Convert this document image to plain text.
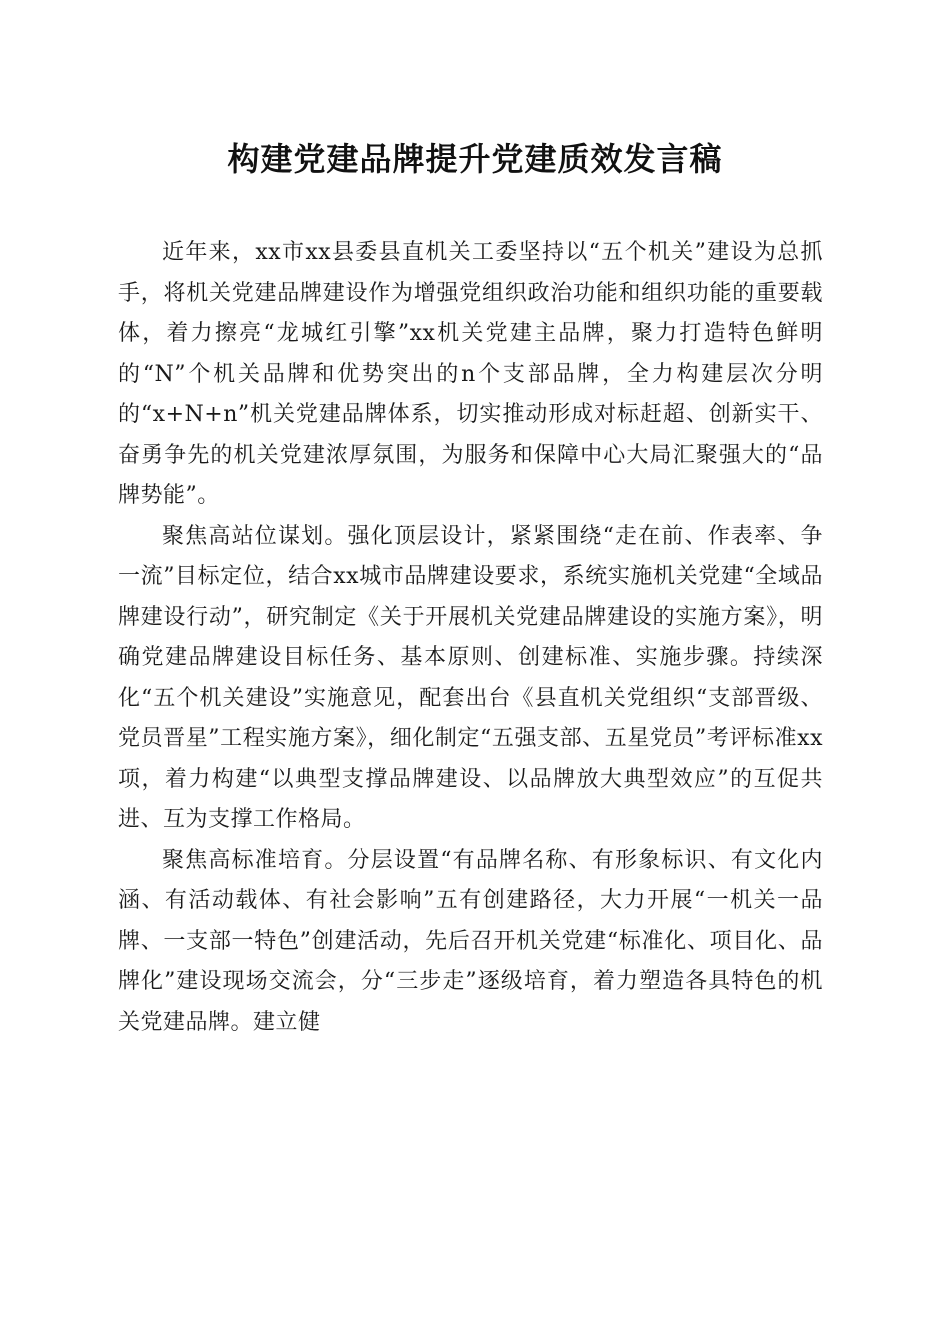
构建党建品牌提升党建质效发言稿

近年来，xx市xx县委县直机关工委坚持以“五个机关”建设为总抓手，将机关党建品牌建设作为增强党组织政治功能和组织功能的重要载体，着力擦亮“龙城红引擎”xx机关党建主品牌，聚力打造特色鲜明的“N”个机关品牌和优势突出的n个支部品牌，全力构建层次分明的“x+N+n”机关党建品牌体系，切实推动形成对标赶超、创新实干、奋勇争先的机关党建浓厚氛围，为服务和保障中心大局汇聚强大的“品牌势能”。

聚焦高站位谋划。强化顶层设计，紧紧围绕“走在前、作表率、争一流”目标定位，结合xx城市品牌建设要求，系统实施机关党建“全域品牌建设行动”，研究制定《关于开展机关党建品牌建设的实施方案》，明确党建品牌建设目标任务、基本原则、创建标准、实施步骤。持续深化“五个机关建设”实施意见，配套出台《县直机关党组织“支部晋级、党员晋星”工程实施方案》，细化制定“五强支部、五星党员”考评标准xx项，着力构建“以典型支撑品牌建设、以品牌放大典型效应”的互促共进、互为支撑工作格局。

聚焦高标准培育。分层设置“有品牌名称、有形象标识、有文化内涵、有活动载体、有社会影响”五有创建路径，大力开展“一机关一品牌、一支部一特色”创建活动，先后召开机关党建“标准化、项目化、品牌化”建设现场交流会，分“三步走”逐级培育，着力塑造各具特色的机关党建品牌。建立健
